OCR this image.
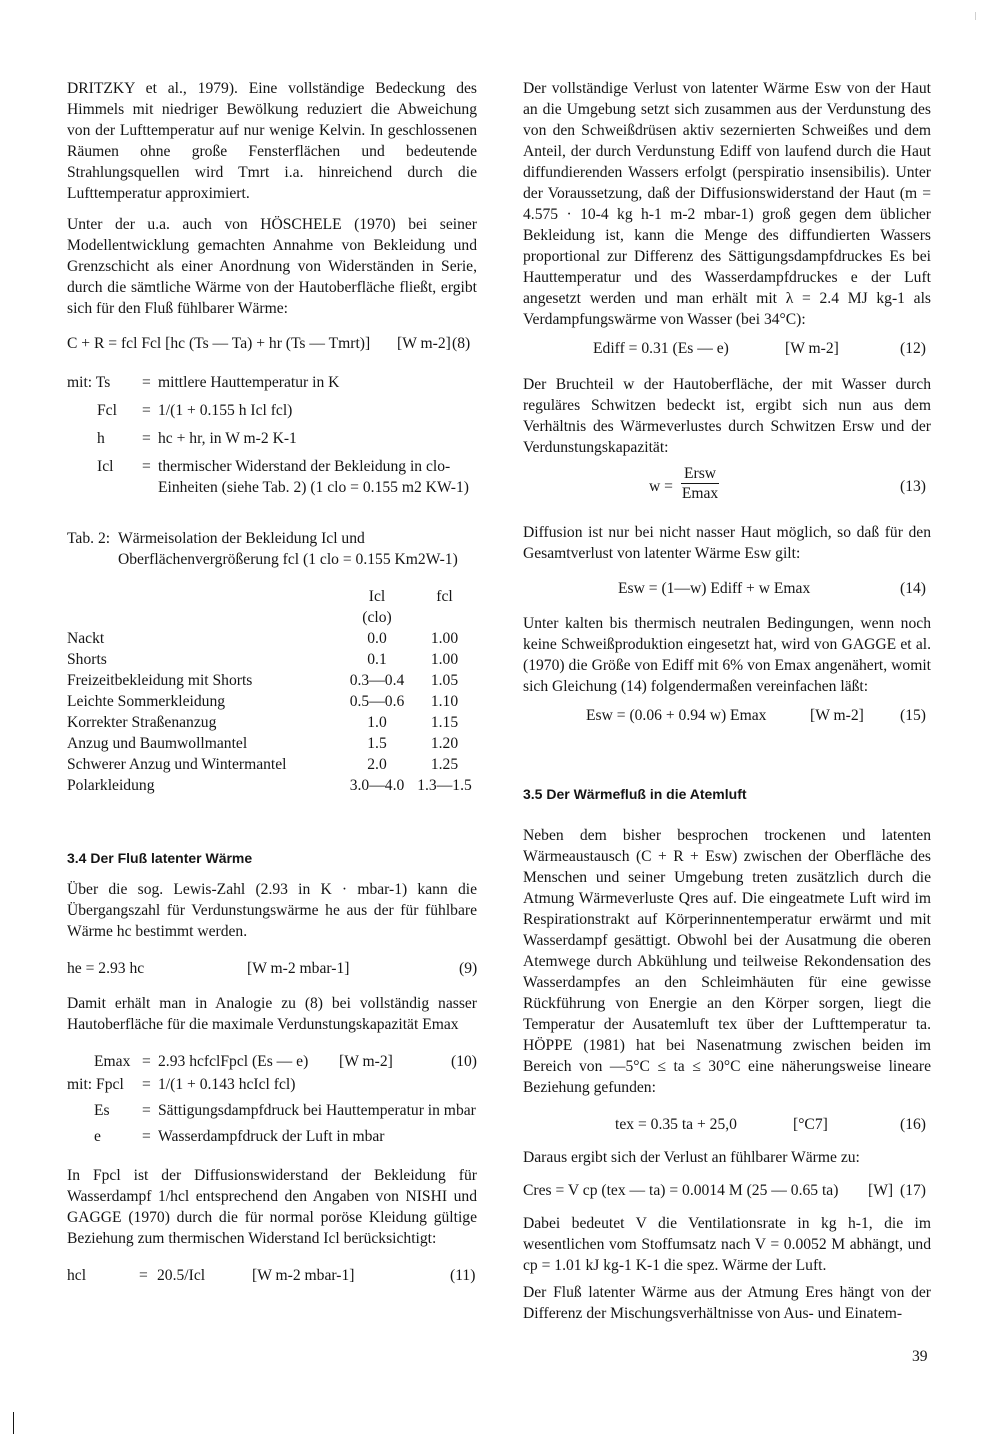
DRITZKY et al., 1979). Eine vollständige Bedeckung des Himmels mit niedriger Bewölkung reduziert die Abweichung von der Lufttemperatur auf nur wenige Kelvin. In geschlossenen Räumen ohne große Fensterflächen und bedeutende Strahlungsquellen wird Tmrt i.a. hinreichend durch die Lufttemperatur approximiert.

Unter der u.a. auch von HÖSCHELE (1970) bei seiner Modellentwicklung gemachten Annahme von Bekleidung und Grenzschicht als einer Anordnung von Widerständen in Serie, durch die sämtliche Wärme von der Hautoberfläche fließt, ergibt sich für den Fluß fühlbarer Wärme:

C + R = fcl Fcl [hc (Ts — Ta) + hr (Ts — Tmrt)] [W m-2] (8)
mit: Ts	= mittlere Hauttemperatur in K
Fcl	= 1/(1 + 0.155 h Icl fcl)
h	= hc + hr, in W m-2 K-1
Icl	= thermischer Widerstand der Bekleidung in clo-Einheiten (siehe Tab. 2) (1 clo = 0.155 m2 KW-1)
Tab. 2: Wärmeisolation der Bekleidung Icl und Oberflächenvergrößerung fcl (1 clo = 0.155 Km2W-1)
	Icl	fcl
	(clo)	
Nackt	0.0	1.00
Shorts	0.1	1.00
Freizeitbekleidung mit Shorts	0.3—0.4	1.05
Leichte Sommerkleidung	0.5—0.6	1.10
Korrekter Straßenanzug	1.0	1.15
Anzug und Baumwollmantel	1.5	1.20
Schwerer Anzug und Wintermantel	2.0	1.25
Polarkleidung	3.0—4.0	1.3—1.5
3.4 Der Fluß latenter Wärme

Über die sog. Lewis-Zahl (2.93 in K · mbar-1) kann die Übergangszahl für Verdunstungswärme he aus der für fühlbare Wärme hc bestimmt werden.

he = 2.93 hc	[W m-2 mbar-1]	(9)

Damit erhält man in Analogie zu (8) bei vollständig nasser Hautoberfläche für die maximale Verdunstungskapazität Emax

Emax = 2.93 hcfclFpcl (Es — e) [W m-2]	(10)
mit: Fpcl	= 1/(1 + 0.143 hcIcl fcl)
Es	= Sättigungsdampfdruck bei Hauttemperatur in mbar
e	= Wasserdampfdruck der Luft in mbar

In Fpcl ist der Diffusionswiderstand der Bekleidung für Wasserdampf 1/hcl entsprechend den Angaben von NISHI und GAGGE (1970) durch die für normal poröse Kleidung gültige Beziehung zum thermischen Widerstand Icl berücksichtigt:

hcl	= 20.5/Icl	[W m-2 mbar-1]	(11)

Der vollständige Verlust von latenter Wärme Esw von der Haut an die Umgebung setzt sich zusammen aus der Verdunstung des von den Schweißdrüsen aktiv sezernierten Schweißes und dem Anteil, der durch Verdunstung Ediff von laufend durch die Haut diffundierenden Wassers erfolgt (perspiratio insensibilis). Unter der Voraussetzung, daß der Diffusionswiderstand der Haut (m = 4.575 · 10-4 kg h-1 m-2 mbar-1) groß gegen dem üblicher Bekleidung ist, kann die Menge des diffundierten Wassers proportional zur Differenz des Sättigungsdampfdruckes Es bei Hauttemperatur und des Wasserdampfdruckes e der Luft angesetzt werden und man erhält mit λ = 2.4 MJ kg-1 als Verdampfungswärme von Wasser (bei 34°C):

Ediff = 0.31 (Es — e)	[W m-2]	(12)

Der Bruchteil w der Hautoberfläche, der mit Wasser durch reguläres Schwitzen bedeckt ist, ergibt sich nun aus dem Verhältnis des Wärmeverlustes durch Schwitzen Ersw und der Verdunstungskapazität:

w =
Ersw
Emax	(13)

Diffusion ist nur bei nicht nasser Haut möglich, so daß für den Gesamtverlust von latenter Wärme Esw gilt:

Esw = (1—w) Ediff + w Emax	(14)

Unter kalten bis thermisch neutralen Bedingungen, wenn noch keine Schweißproduktion eingesetzt hat, wird von GAGGE et al. (1970) die Größe von Ediff mit 6% von Emax angenähert, womit sich Gleichung (14) folgendermaßen vereinfachen läßt:

Esw = (0.06 + 0.94 w) Emax	[W m-2] (15)
3.5 Der Wärmefluß in die Atemluft

Neben dem bisher besprochen trockenen und latenten Wärmeaustausch (C + R + Esw) zwischen der Oberfläche des Menschen und seiner Umgebung treten zusätzlich durch die Atmung Wärmeverluste Qres auf. Die eingeatmete Luft wird im Respirationstrakt auf Körperinnentemperatur erwärmt und mit Wasserdampf gesättigt. Obwohl bei der Ausatmung die oberen Atemwege durch Abkühlung und teilweise Rekondensation des Wasserdampfes an den Schleimhäuten für eine gewisse Rückführung von Energie an den Körper sorgen, liegt die Temperatur der Ausatemluft tex über der Lufttemperatur ta. HÖPPE (1981) hat bei Nasenatmung zwischen beiden im Bereich von —5°C ≤ ta ≤ 30°C eine näherungsweise lineare Beziehung gefunden:

tex = 0.35 ta + 25,0	[°C7]	(16)

Daraus ergibt sich der Verlust an fühlbarer Wärme zu:

Cres = V cp (tex — ta) = 0.0014 M (25 — 0.65 ta) [W] (17)

Dabei bedeutet V die Ventilationsrate in kg h-1, die im wesentlichen vom Stoffumsatz nach V = 0.0052 M abhängt, und cp = 1.01 kJ kg-1 K-1 die spez. Wärme der Luft.

Der Fluß latenter Wärme aus der Atmung Eres hängt von der Differenz der Mischungsverhältnisse von Aus- und Einatem-

39
